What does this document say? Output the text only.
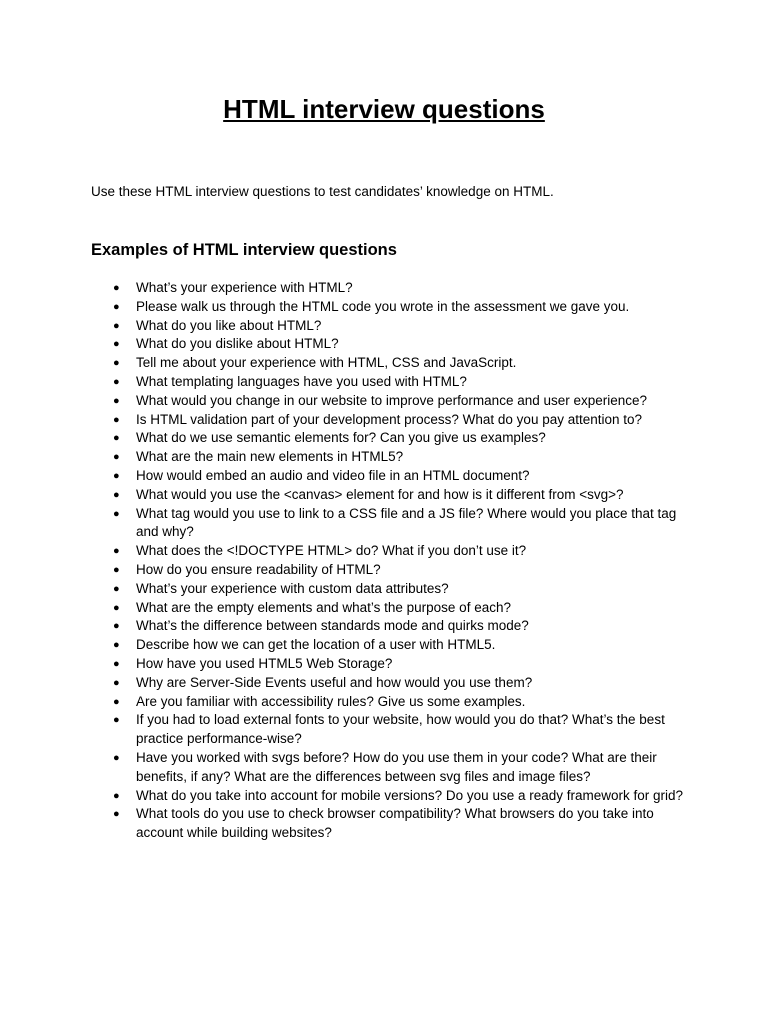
HTML interview questions

Use these HTML interview questions to test candidates’ knowledge on HTML.

Examples of HTML interview questions
● What’s your experience with HTML?
● Please walk us through the HTML code you wrote in the assessment we gave you.
● What do you like about HTML?
● What do you dislike about HTML?
● Tell me about your experience with HTML, CSS and JavaScript.
● What templating languages have you used with HTML?
● What would you change in our website to improve performance and user experience?
● Is HTML validation part of your development process? What do you pay attention to?
● What do we use semantic elements for? Can you give us examples?
● What are the main new elements in HTML5?
● How would embed an audio and video file in an HTML document?
● What would you use the <canvas> element for and how is it different from <svg>?
● What tag would you use to link to a CSS file and a JS file? Where would you place that tag and why?
● What does the <!DOCTYPE HTML> do? What if you don’t use it?
● How do you ensure readability of HTML?
● What’s your experience with custom data attributes?
● What are the empty elements and what’s the purpose of each?
● What’s the difference between standards mode and quirks mode?
● Describe how we can get the location of a user with HTML5.
● How have you used HTML5 Web Storage?
● Why are Server-Side Events useful and how would you use them?
● Are you familiar with accessibility rules? Give us some examples.
● If you had to load external fonts to your website, how would you do that? What’s the best practice performance-wise?
● Have you worked with svgs before? How do you use them in your code? What are their benefits, if any? What are the differences between svg files and image files?
● What do you take into account for mobile versions? Do you use a ready framework for grid?
● What tools do you use to check browser compatibility? What browsers do you take into account while building websites?
